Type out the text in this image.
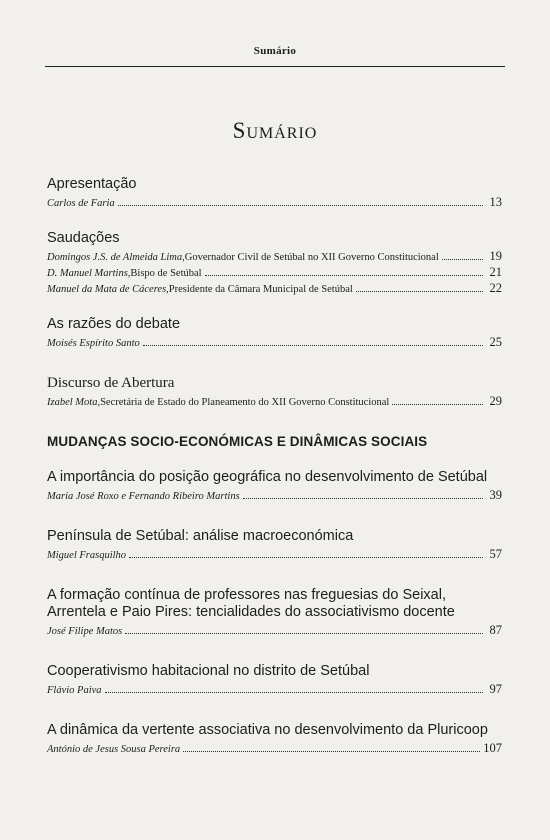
Sumário
Sumário
Apresentação
Carlos de Faria	13
Saudações
Domingos J.S. de Almeida Lima, Governador Civil de Setúbal no XII Governo Constitucional	19
D. Manuel Martins, Bispo de Setúbal	21
Manuel da Mata de Cáceres, Presidente da Câmara Municipal de Setúbal	22
As razões do debate
Moisés Espírito Santo	25
Discurso de Abertura
Izabel Mota, Secretária de Estado do Planeamento do XII Governo Constitucional	29
MUDANÇAS SOCIO-ECONÓMICAS E DINÂMICAS SOCIAIS
A importância do posição geográfica no desenvolvimento de Setúbal
Maria José Roxo e Fernando Ribeiro Martins	39
Península de Setúbal: análise macroeconómica
Miguel Frasquilho	57
A formação contínua de professores nas freguesias do Seixal, Arrentela e Paio Pires: tencialidades do associativismo docente
José Filipe Matos	87
Cooperativismo habitacional no distrito de Setúbal
Flávio Paiva	97
A dinâmica da vertente associativa no desenvolvimento da Pluricoop
António de Jesus Sousa Pereira	107
